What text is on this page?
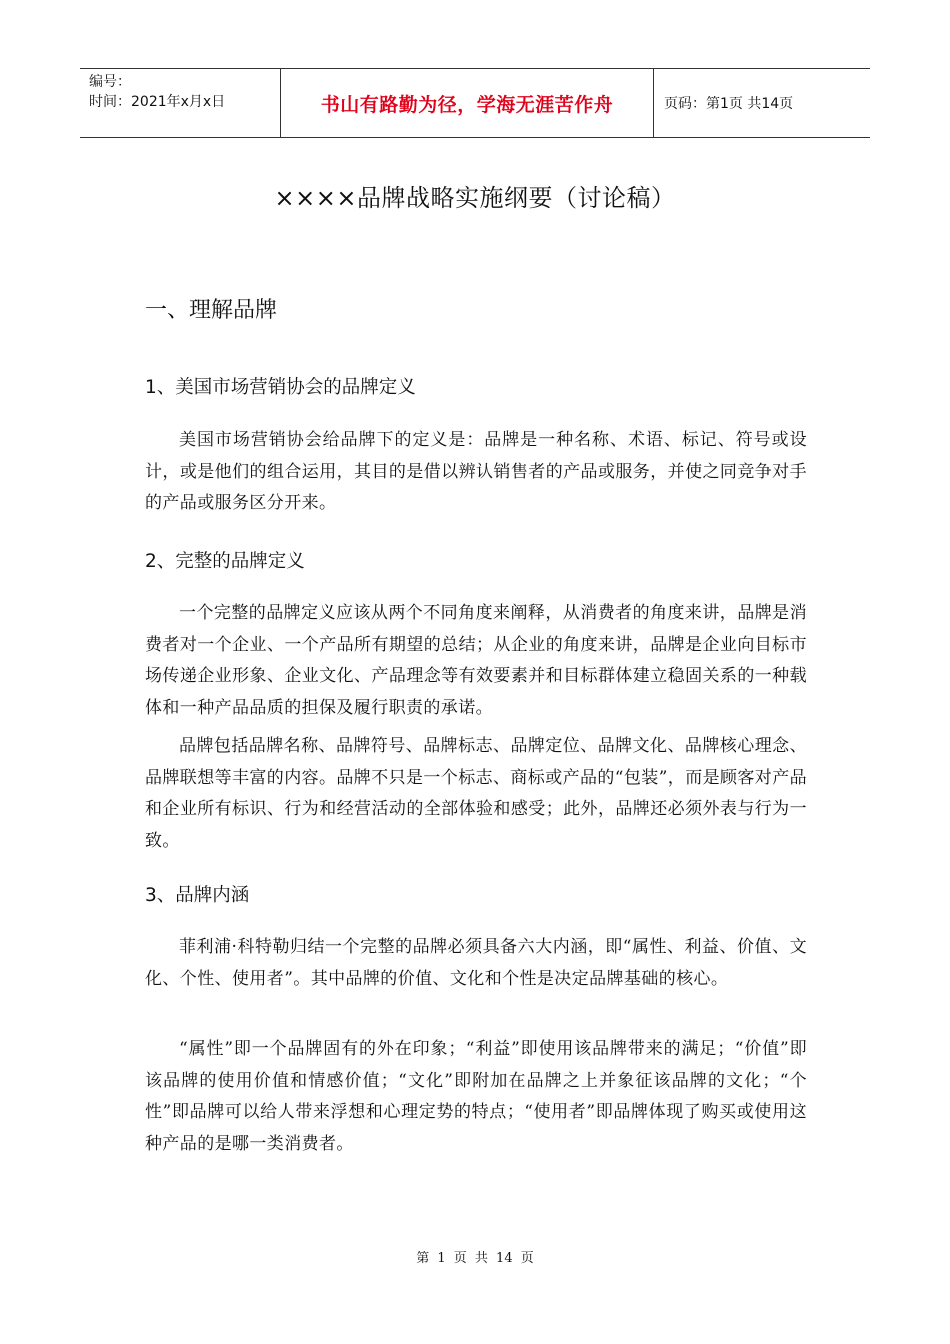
编号：
时间：2021年x月x日	书山有路勤为径，学海无涯苦作舟	页码：第1页 共14页
××××品牌战略实施纲要（讨论稿）
一、理解品牌
1、美国市场营销协会的品牌定义

美国市场营销协会给品牌下的定义是：品牌是一种名称、术语、标记、符号或设计，或是他们的组合运用，其目的是借以辨认销售者的产品或服务，并使之同竞争对手的产品或服务区分开来。

2、完整的品牌定义

一个完整的品牌定义应该从两个不同角度来阐释，从消费者的角度来讲，品牌是消费者对一个企业、一个产品所有期望的总结；从企业的角度来讲，品牌是企业向目标市场传递企业形象、企业文化、产品理念等有效要素并和目标群体建立稳固关系的一种载体和一种产品品质的担保及履行职责的承诺。

品牌包括品牌名称、品牌符号、品牌标志、品牌定位、品牌文化、品牌核心理念、品牌联想等丰富的内容。品牌不只是一个标志、商标或产品的“包装”，而是顾客对产品和企业所有标识、行为和经营活动的全部体验和感受；此外，品牌还必须外表与行为一致。

3、品牌内涵

菲利浦·科特勒归结一个完整的品牌必须具备六大内涵，即“属性、利益、价值、文化、个性、使用者”。其中品牌的价值、文化和个性是决定品牌基础的核心。

“属性”即一个品牌固有的外在印象；“利益”即使用该品牌带来的满足；“价值”即该品牌的使用价值和情感价值；“文化”即附加在品牌之上并象征该品牌的文化；“个性”即品牌可以给人带来浮想和心理定势的特点；“使用者”即品牌体现了购买或使用这种产品的是哪一类消费者。

第 1 页 共 14 页
